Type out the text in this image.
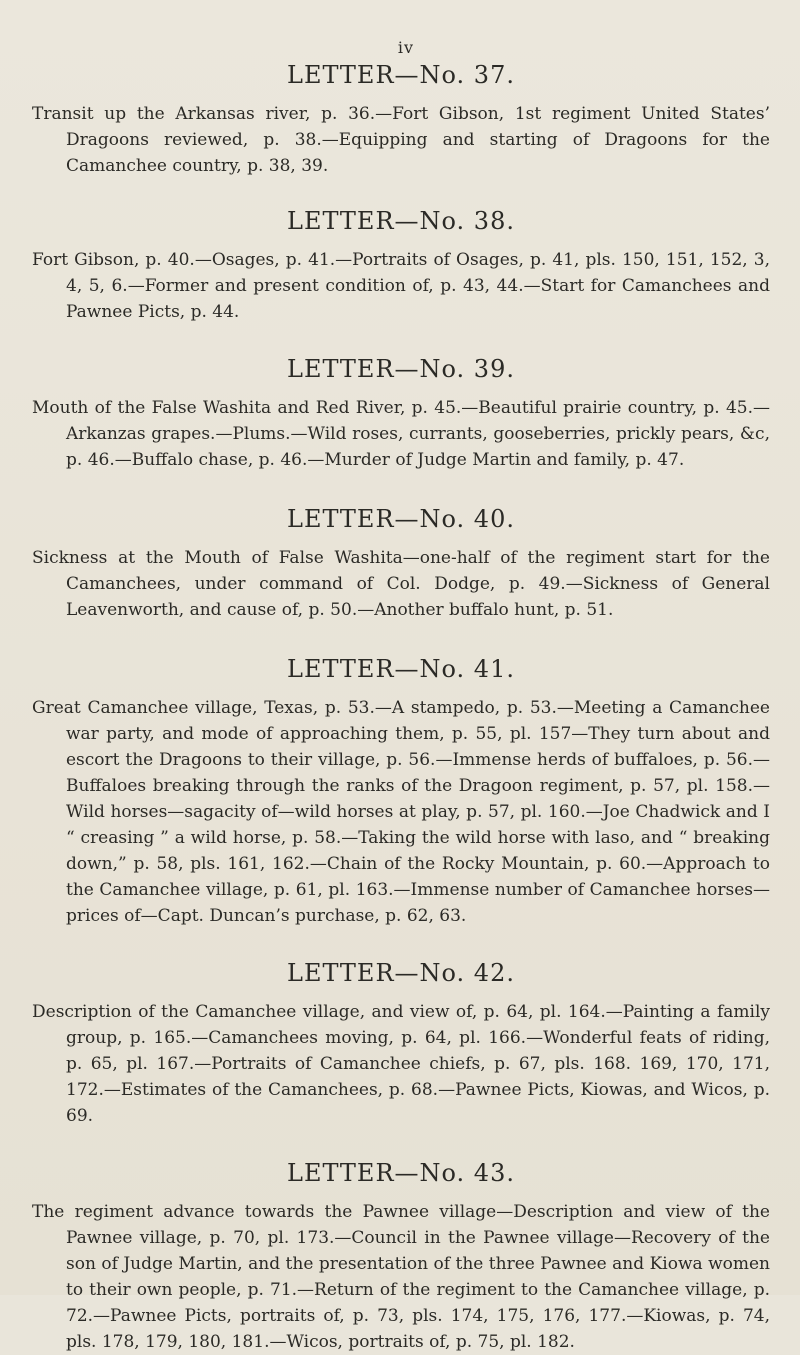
iv
LETTER—No. 37.

Transit up the Arkansas river, p. 36.—Fort Gibson, 1st regiment United States’ Dragoons reviewed, p. 38.—Equipping and starting of Dragoons for the Camanchee country, p. 38, 39.

LETTER—No. 38.

Fort Gibson, p. 40.—Osages, p. 41.—Portraits of Osages, p. 41, pls. 150, 151, 152, 3, 4, 5, 6.—Former and present condition of, p. 43, 44.—Start for Camanchees and Pawnee Picts, p. 44.

LETTER—No. 39.

Mouth of the False Washita and Red River, p. 45.—Beautiful prairie country, p. 45.—Arkanzas grapes.—Plums.—Wild roses, currants, gooseberries, prickly pears, &c, p. 46.—Buffalo chase, p. 46.—Murder of Judge Martin and family, p. 47.

LETTER—No. 40.

Sickness at the Mouth of False Washita—one-half of the regiment start for the Camanchees, under command of Col. Dodge, p. 49.—Sickness of General Leavenworth, and cause of, p. 50.—Another buffalo hunt, p. 51.

LETTER—No. 41.

Great Camanchee village, Texas, p. 53.—A stampedo, p. 53.—Meeting a Camanchee war party, and mode of approaching them, p. 55, pl. 157—They turn about and escort the Dragoons to their village, p. 56.—Immense herds of buffaloes, p. 56.—Buffaloes breaking through the ranks of the Dragoon regiment, p. 57, pl. 158.—Wild horses—sagacity of—wild horses at play, p. 57, pl. 160.—Joe Chadwick and I “ creasing ” a wild horse, p. 58.—Taking the wild horse with laso, and “ breaking down,” p. 58, pls. 161, 162.—Chain of the Rocky Mountain, p. 60.—Approach to the Camanchee village, p. 61, pl. 163.—Immense number of Camanchee horses—prices of—Capt. Duncan’s purchase, p. 62, 63.

LETTER—No. 42.

Description of the Camanchee village, and view of, p. 64, pl. 164.—Painting a family group, p. 165.—Camanchees moving, p. 64, pl. 166.—Wonderful feats of riding, p. 65, pl. 167.—Portraits of Camanchee chiefs, p. 67, pls. 168. 169, 170, 171, 172.—Estimates of the Camanchees, p. 68.—Pawnee Picts, Kiowas, and Wicos, p. 69.

LETTER—No. 43.

The regiment advance towards the Pawnee village—Description and view of the Pawnee village, p. 70, pl. 173.—Council in the Pawnee village—Recovery of the son of Judge Martin, and the presentation of the three Pawnee and Kiowa women to their own people, p. 71.—Return of the regiment to the Camanchee village, p. 72.—Pawnee Picts, portraits of, p. 73, pls. 174, 175, 176, 177.—Kiowas, p. 74, pls. 178, 179, 180, 181.—Wicos, portraits of, p. 75, pl. 182.
